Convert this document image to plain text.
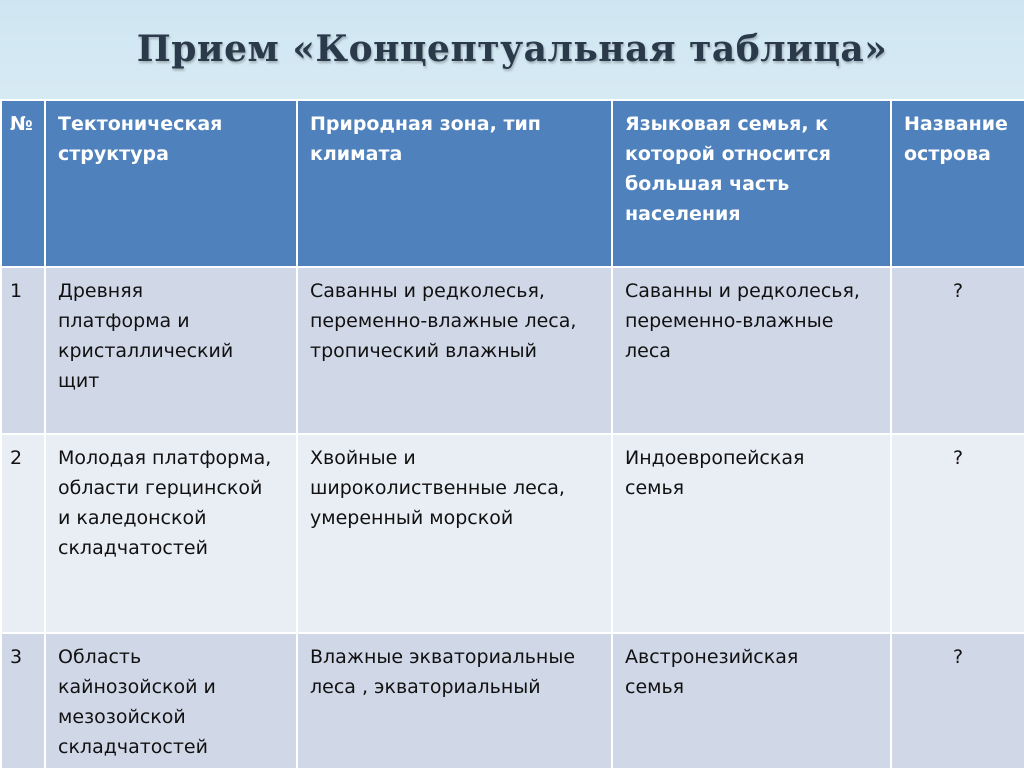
Прием «Концептуальная таблица»
№	Тектоническая структура	Природная зона, тип климата	Языковая семья, к которой относится большая часть населения	Название острова
1	Древняя платформа и кристаллический щит	Саванны и редколесья, переменно-влажные леса, тропический влажный	Саванны и редколесья, переменно-влажные леса	?
2	Молодая платформа, области герцинской и каледонской складчатостей	Хвойные и широколиственные леса, умеренный морской	Индоевропейская семья	?
3	Область кайнозойской и мезозойской складчатостей	Влажные экваториальные леса , экваториальный	Австронезийская семья	?
